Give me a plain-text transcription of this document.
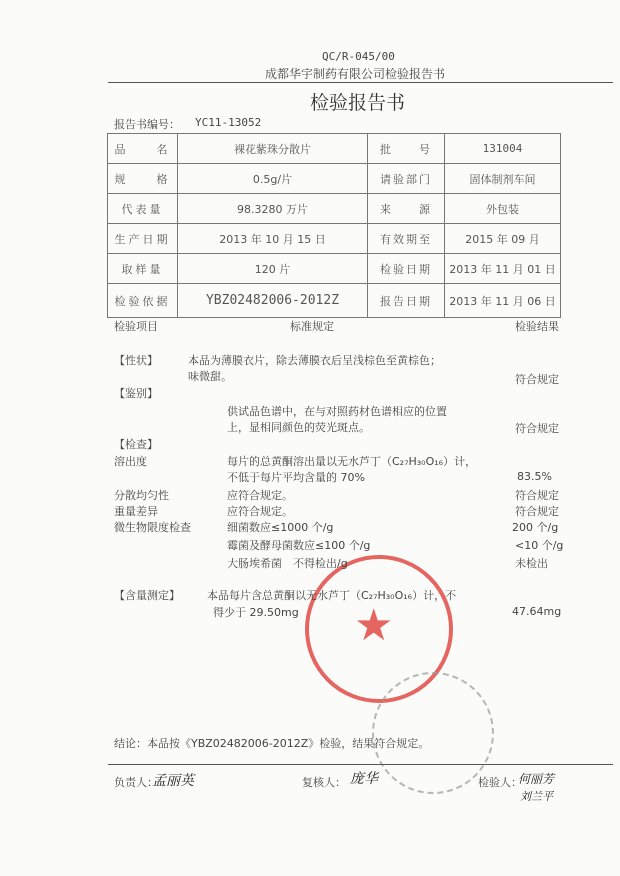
QC/R-045/00
成都华宇制药有限公司检验报告书
检验报告书
报告书编号： YC11-13052
品　　名	裸花紫珠分散片	批　　号	131004
规　　格	0.5g/片	请验部门	固体制剂车间
代表量	98.3280 万片	来　　源	外包装
生产日期	2013 年 10 月 15 日	有效期至	2015 年 09 月
取样量	120 片	检验日期	2013 年 11 月 01 日
检验依据	YBZ02482006-2012Z	报告日期	2013 年 11 月 06 日
检验项目	标准规定	检验结果
★
【性状】	本品为薄膜衣片，除去薄膜衣后呈浅棕色至黄棕色；
味微甜。	符合规定
【鉴别】
供试品色谱中，在与对照药材色谱相应的位置
上，显相同颜色的荧光斑点。	符合规定
【检查】
溶出度	每片的总黄酮溶出量以无水芦丁（C₂₇H₃₀O₁₆）计，
不低于每片平均含量的 70%	83.5%
分散均匀性	应符合规定。	符合规定
重量差异	应符合规定。	符合规定
微生物限度检查	细菌数应≤1000 个/g	200 个/g
霉菌及酵母菌数应≤100 个/g	<10 个/g
大肠埃希菌　不得检出/g	未检出
【含量测定】 本品每片含总黄酮以无水芦丁（C₂₇H₃₀O₁₆）计，不
得少于 29.50mg	47.64mg
结论：本品按《YBZ02482006-2012Z》检验，结果符合规定。
负责人：
孟丽英	复核人： 庞华	检验人：
何丽芳
刘兰平
